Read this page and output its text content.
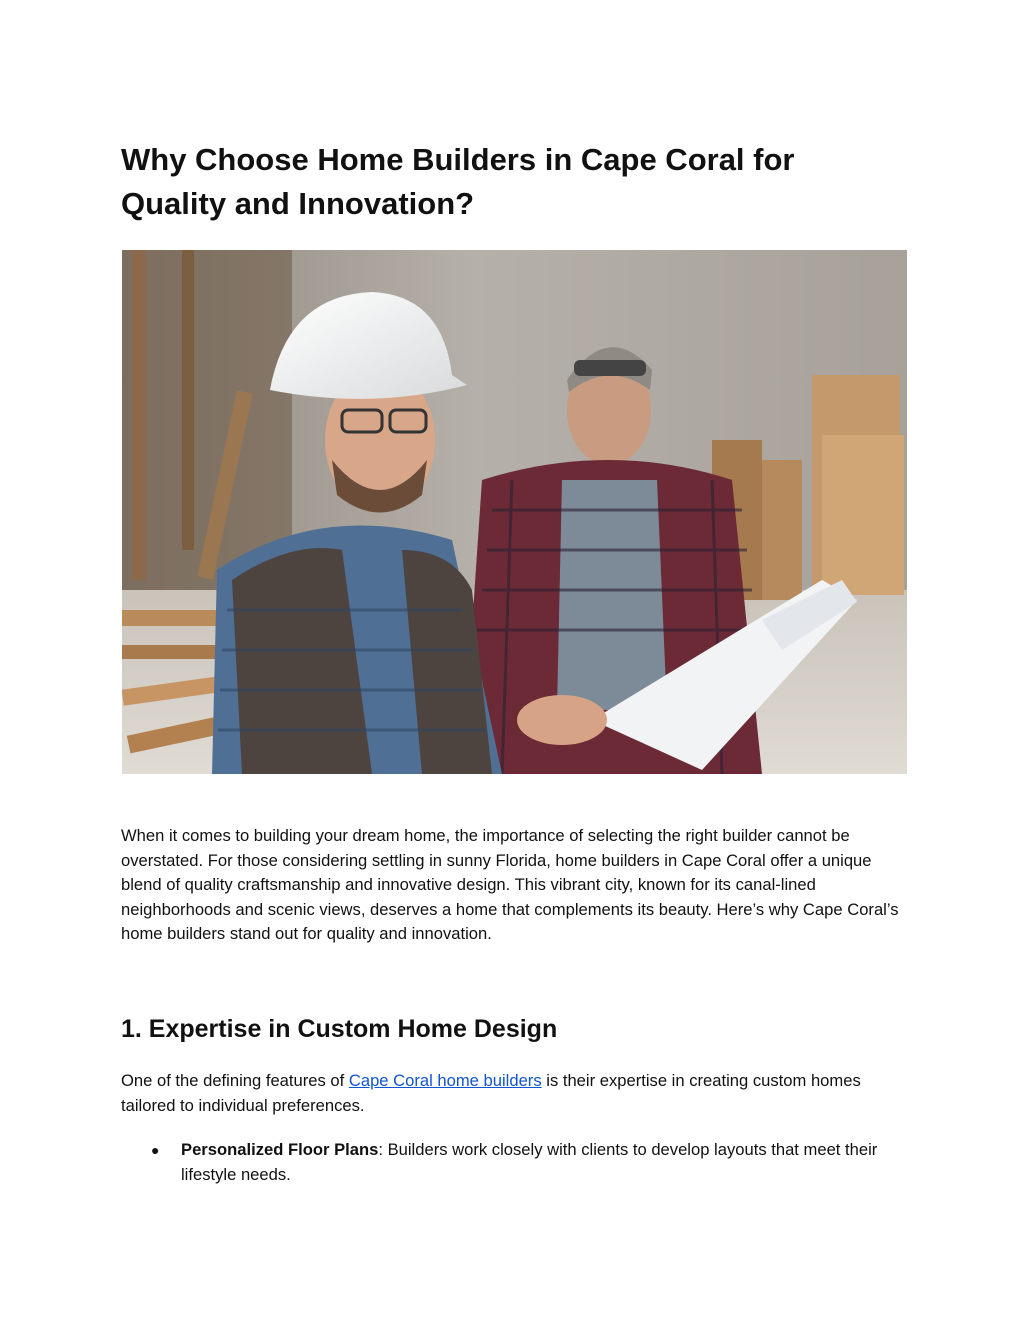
Why Choose Home Builders in Cape Coral for Quality and Innovation?

When it comes to building your dream home, the importance of selecting the right builder cannot be overstated. For those considering settling in sunny Florida, home builders in Cape Coral offer a unique blend of quality craftsmanship and innovative design. This vibrant city, known for its canal-lined neighborhoods and scenic views, deserves a home that complements its beauty. Here’s why Cape Coral’s home builders stand out for quality and innovation.

1. Expertise in Custom Home Design

One of the defining features of Cape Coral home builders is their expertise in creating custom homes tailored to individual preferences.

● Personalized Floor Plans: Builders work closely with clients to develop layouts that meet their lifestyle needs.
